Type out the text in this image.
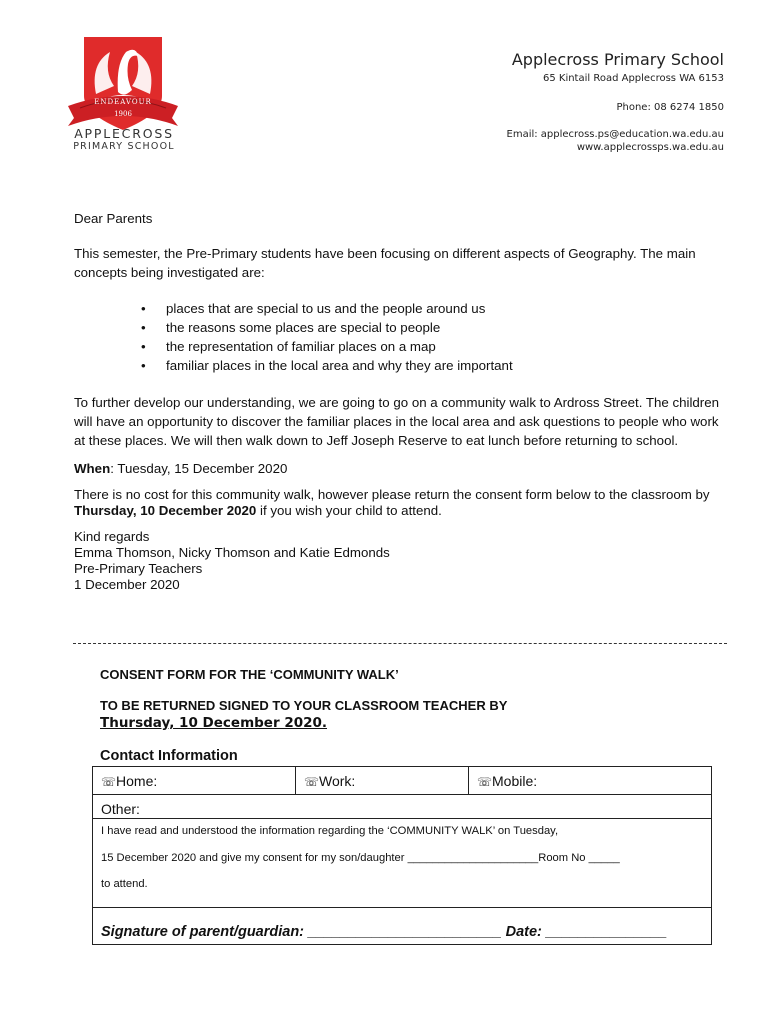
ENDEAVOUR
1906
APPLECROSS
PRIMARY SCHOOL
Applecross Primary School
65 Kintail Road Applecross WA 6153
Phone: 08 6274 1850
Email: applecross.ps@education.wa.edu.au
www.applecrossps.wa.edu.au

Dear Parents

This semester, the Pre-Primary students have been focusing on different aspects of Geography. The main concepts being investigated are:

• places that are special to us and the people around us
• the reasons some places are special to people
• the representation of familiar places on a map
• familiar places in the local area and why they are important

To further develop our understanding, we are going to go on a community walk to Ardross Street. The children will have an opportunity to discover the familiar places in the local area and ask questions to people who work at these places. We will then walk down to Jeff Joseph Reserve to eat lunch before returning to school.

When: Tuesday, 15 December 2020

There is no cost for this community walk, however please return the consent form below to the classroom by Thursday, 10 December 2020 if you wish your child to attend.

Kind regards

Emma Thomson, Nicky Thomson and Katie Edmonds

Pre-Primary Teachers

1 December 2020

CONSENT FORM FOR THE ‘COMMUNITY WALK’
TO BE RETURNED SIGNED TO YOUR CLASSROOM TEACHER BY
Thursday, 10 December 2020.
Contact Information
☏Home:	☏Work:	☏Mobile:
Other:

I have read and understood the information regarding the ‘COMMUNITY WALK’ on Tuesday,

15 December 2020 and give my consent for my son/daughter _____________________Room No _____

to attend.

Signature of parent/guardian: ________________________ Date: _______________
